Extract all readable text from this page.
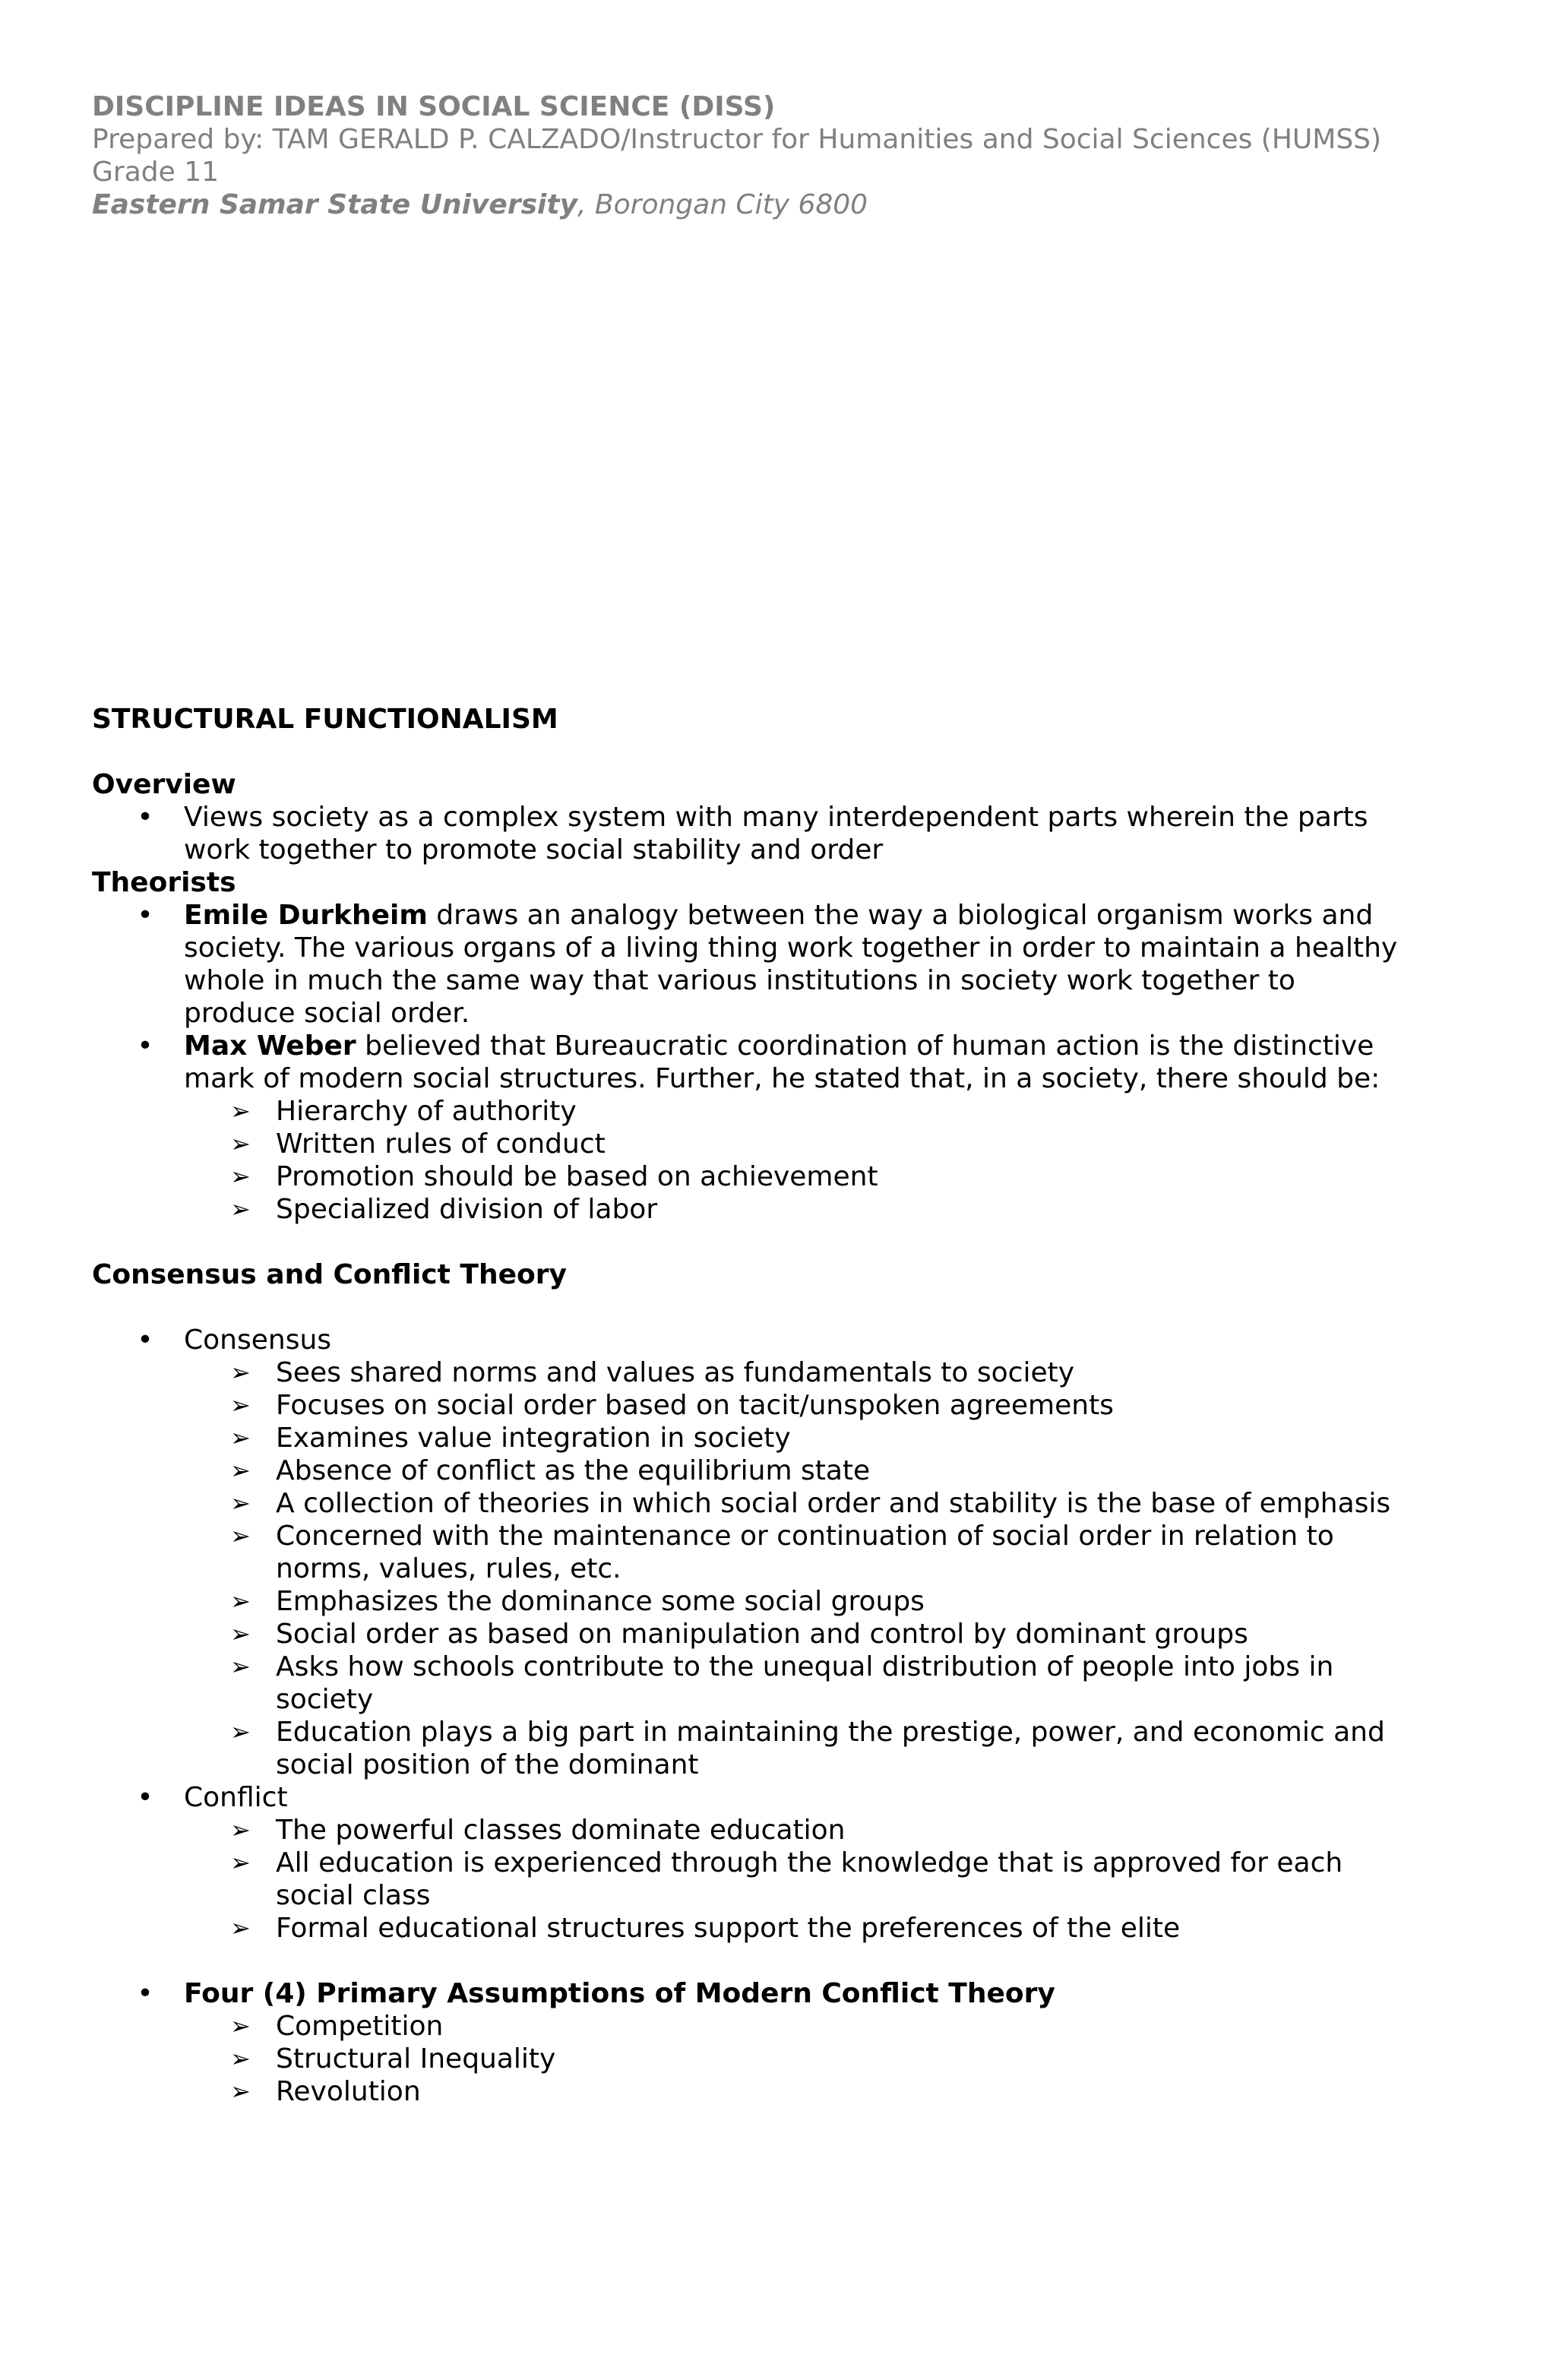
DISCIPLINE IDEAS IN SOCIAL SCIENCE (DISS)
Prepared by: TAM GERALD P. CALZADO/Instructor for Humanities and Social Sciences (HUMSS) Grade 11
Eastern Samar State University, Borongan City 6800
STRUCTURAL FUNCTIONALISM
Overview
• Views society as a complex system with many interdependent parts wherein the parts work together to promote social stability and order
Theorists
• Emile Durkheim draws an analogy between the way a biological organism works and society. The various organs of a living thing work together in order to maintain a healthy whole in much the same way that various institutions in society work together to produce social order.
• Max Weber believed that Bureaucratic coordination of human action is the distinctive mark of modern social structures. Further, he stated that, in a society, there should be:
➢ Hierarchy of authority
➢ Written rules of conduct
➢ Promotion should be based on achievement
➢ Specialized division of labor
Consensus and Conflict Theory
• Consensus
➢ Sees shared norms and values as fundamentals to society
➢ Focuses on social order based on tacit/unspoken agreements
➢ Examines value integration in society
➢ Absence of conflict as the equilibrium state
➢ A collection of theories in which social order and stability is the base of emphasis
➢ Concerned with the maintenance or continuation of social order in relation to norms, values, rules, etc.
➢ Emphasizes the dominance some social groups
➢ Social order as based on manipulation and control by dominant groups
➢ Asks how schools contribute to the unequal distribution of people into jobs in society
➢ Education plays a big part in maintaining the prestige, power, and economic and social position of the dominant
• Conflict
➢ The powerful classes dominate education
➢ All education is experienced through the knowledge that is approved for each social class
➢ Formal educational structures support the preferences of the elite
• Four (4) Primary Assumptions of Modern Conflict Theory
➢ Competition
➢ Structural Inequality
➢ Revolution
